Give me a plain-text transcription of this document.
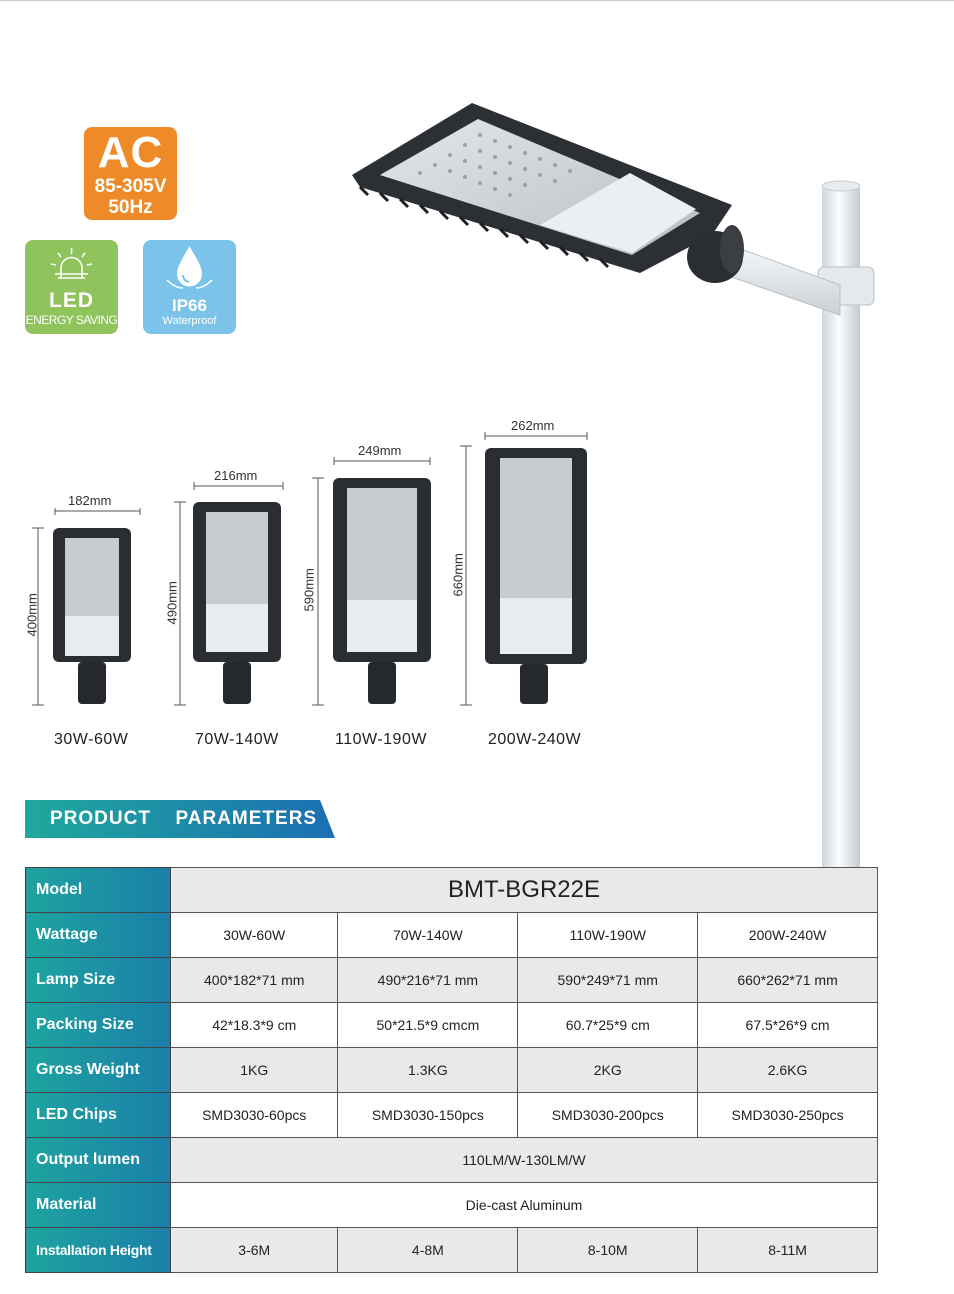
AC
85-305V
50Hz
LED
ENERGY SAVING
IP66
Waterproof
182mm
216mm
249mm
262mm
400mm	490mm	590mm	660mm
30W-60W	70W-140W	110W-190W	200W-240W
PRODUCT  PARAMETERS
Model	BMT-BGR22E			
Wattage	30W-60W	70W-140W	110W-190W	200W-240W
Lamp Size	400*182*71 mm	490*216*71 mm	590*249*71 mm	660*262*71 mm
Packing Size	42*18.3*9 cm	50*21.5*9 cmcm	60.7*25*9 cm	67.5*26*9 cm
Gross Weight	1KG	1.3KG	2KG	2.6KG
LED Chips	SMD3030-60pcs	SMD3030-150pcs	SMD3030-200pcs	SMD3030-250pcs
Output lumen	110LM/W-130LM/W			
Material	Die-cast Aluminum			
Installation Height	3-6M	4-8M	8-10M	8-11M
